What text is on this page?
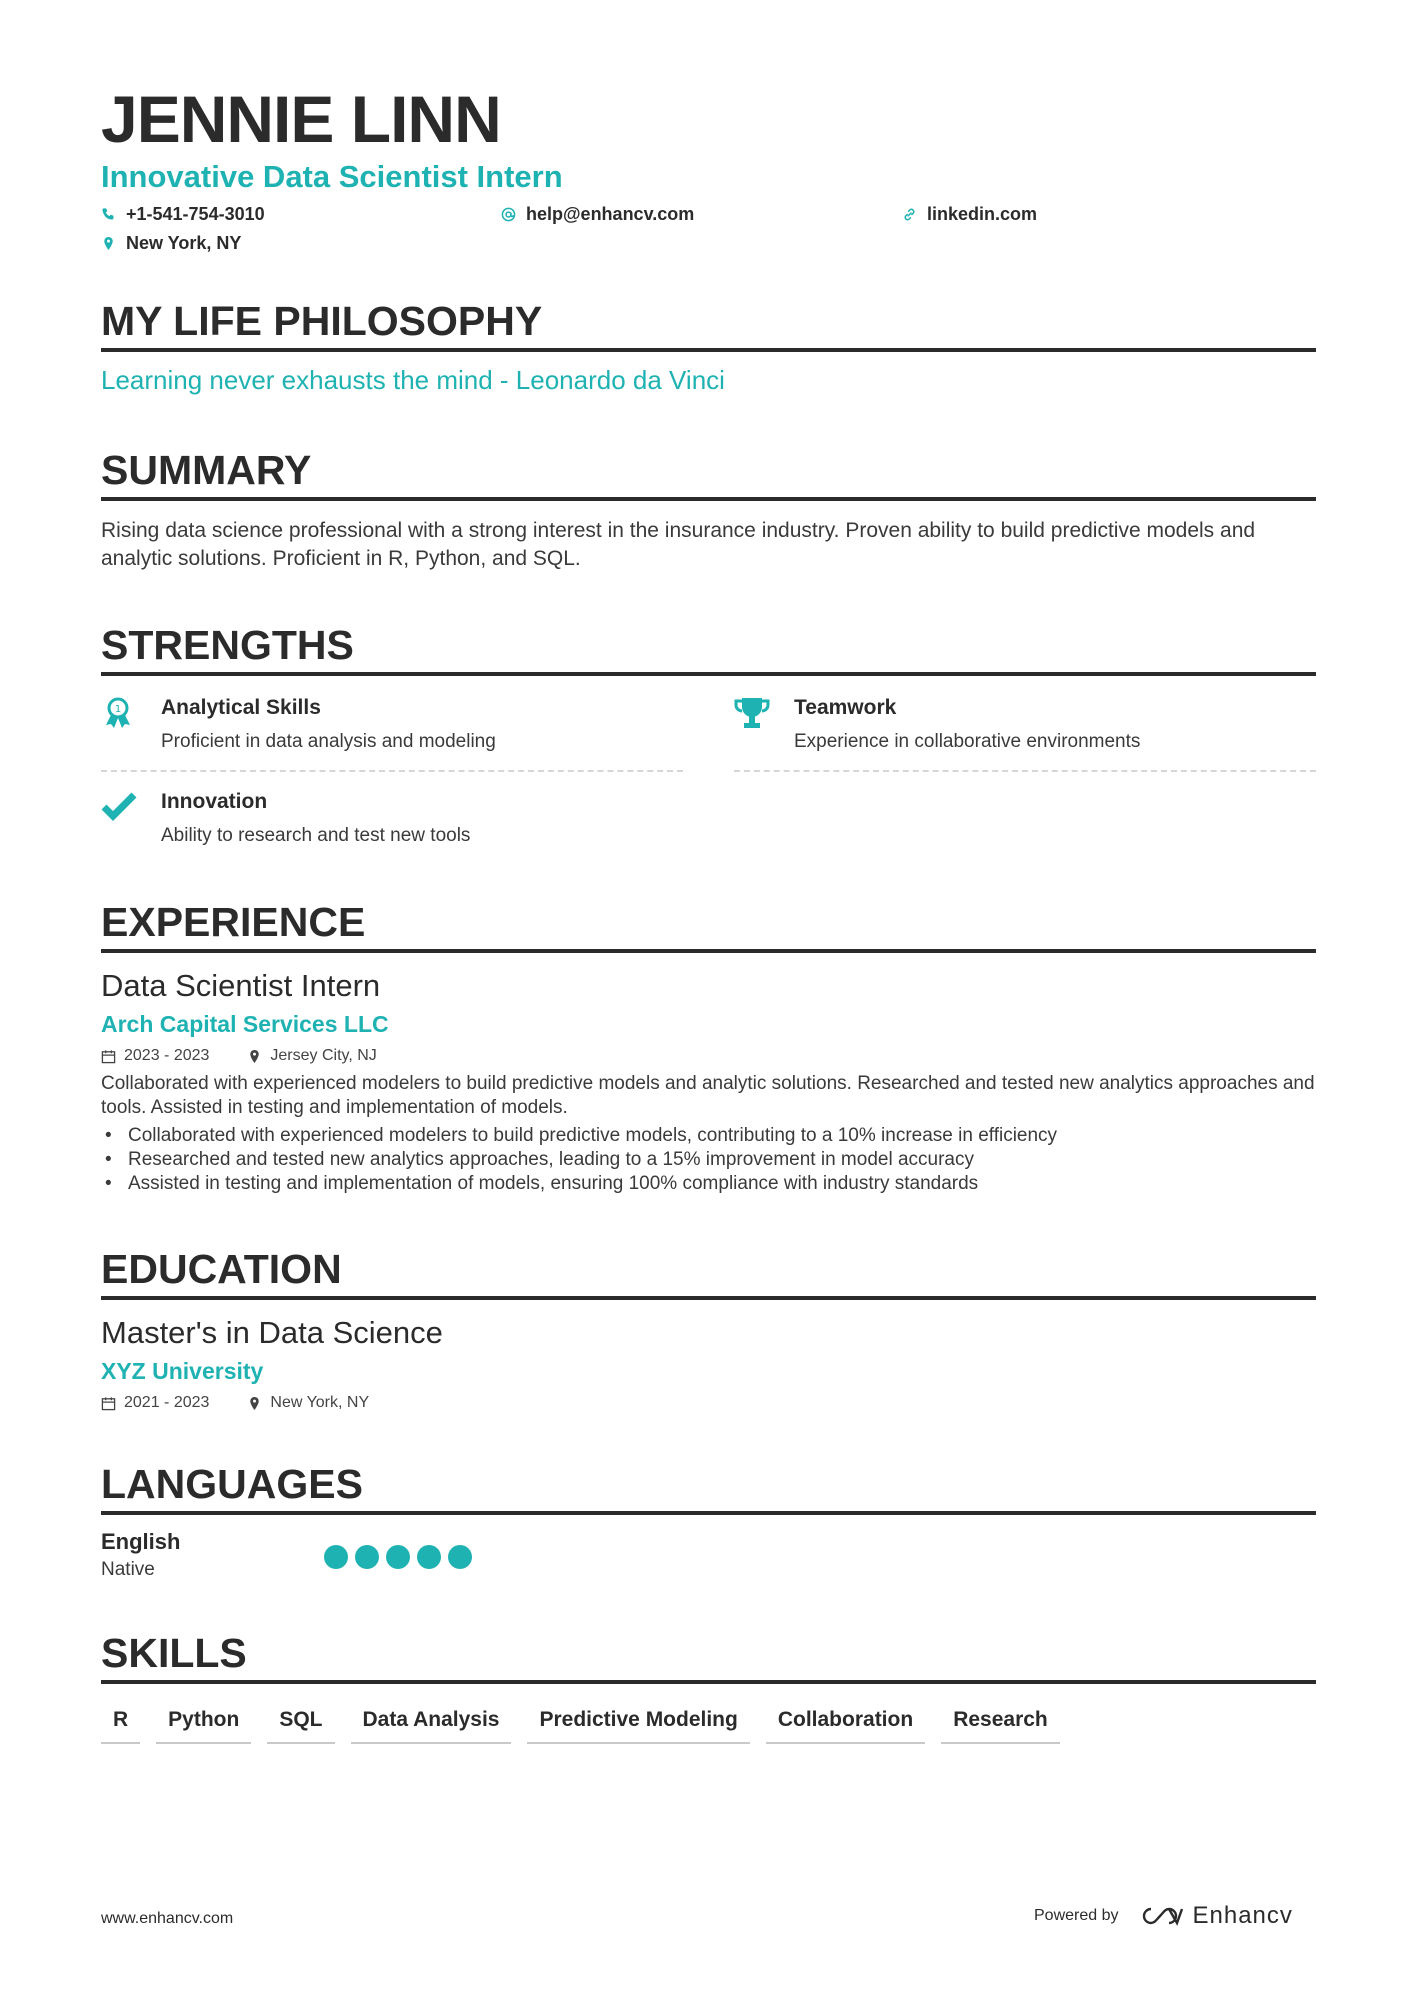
JENNIE LINN
Innovative Data Scientist Intern
+1-541-754-3010	help@enhancv.com	linkedin.com
New York, NY
MY LIFE PHILOSOPHY

Learning never exhausts the mind - Leonardo da Vinci

SUMMARY

Rising data science professional with a strong interest in the insurance industry. Proven ability to build predictive models and analytic solutions. Proficient in R, Python, and SQL.

STRENGTHS
1 Analytical Skills
Proficient in data analysis and modeling
Teamwork
Experience in collaborative environments
Innovation
Ability to research and test new tools
EXPERIENCE
Data Scientist Intern
Arch Capital Services LLC
2023 - 2023	Jersey City, NJ

Collaborated with experienced modelers to build predictive models and analytic solutions. Researched and tested new analytics approaches and tools. Assisted in testing and implementation of models.

• Collaborated with experienced modelers to build predictive models, contributing to a 10% increase in efficiency
• Researched and tested new analytics approaches, leading to a 15% improvement in model accuracy
• Assisted in testing and implementation of models, ensuring 100% compliance with industry standards
EDUCATION
Master's in Data Science
XYZ University
2021 - 2023	New York, NY
LANGUAGES
English
Native
SKILLS
R	Python	SQL	Data Analysis	Predictive Modeling	Collaboration	Research
www.enhancv.com	Powered by	Enhancv
